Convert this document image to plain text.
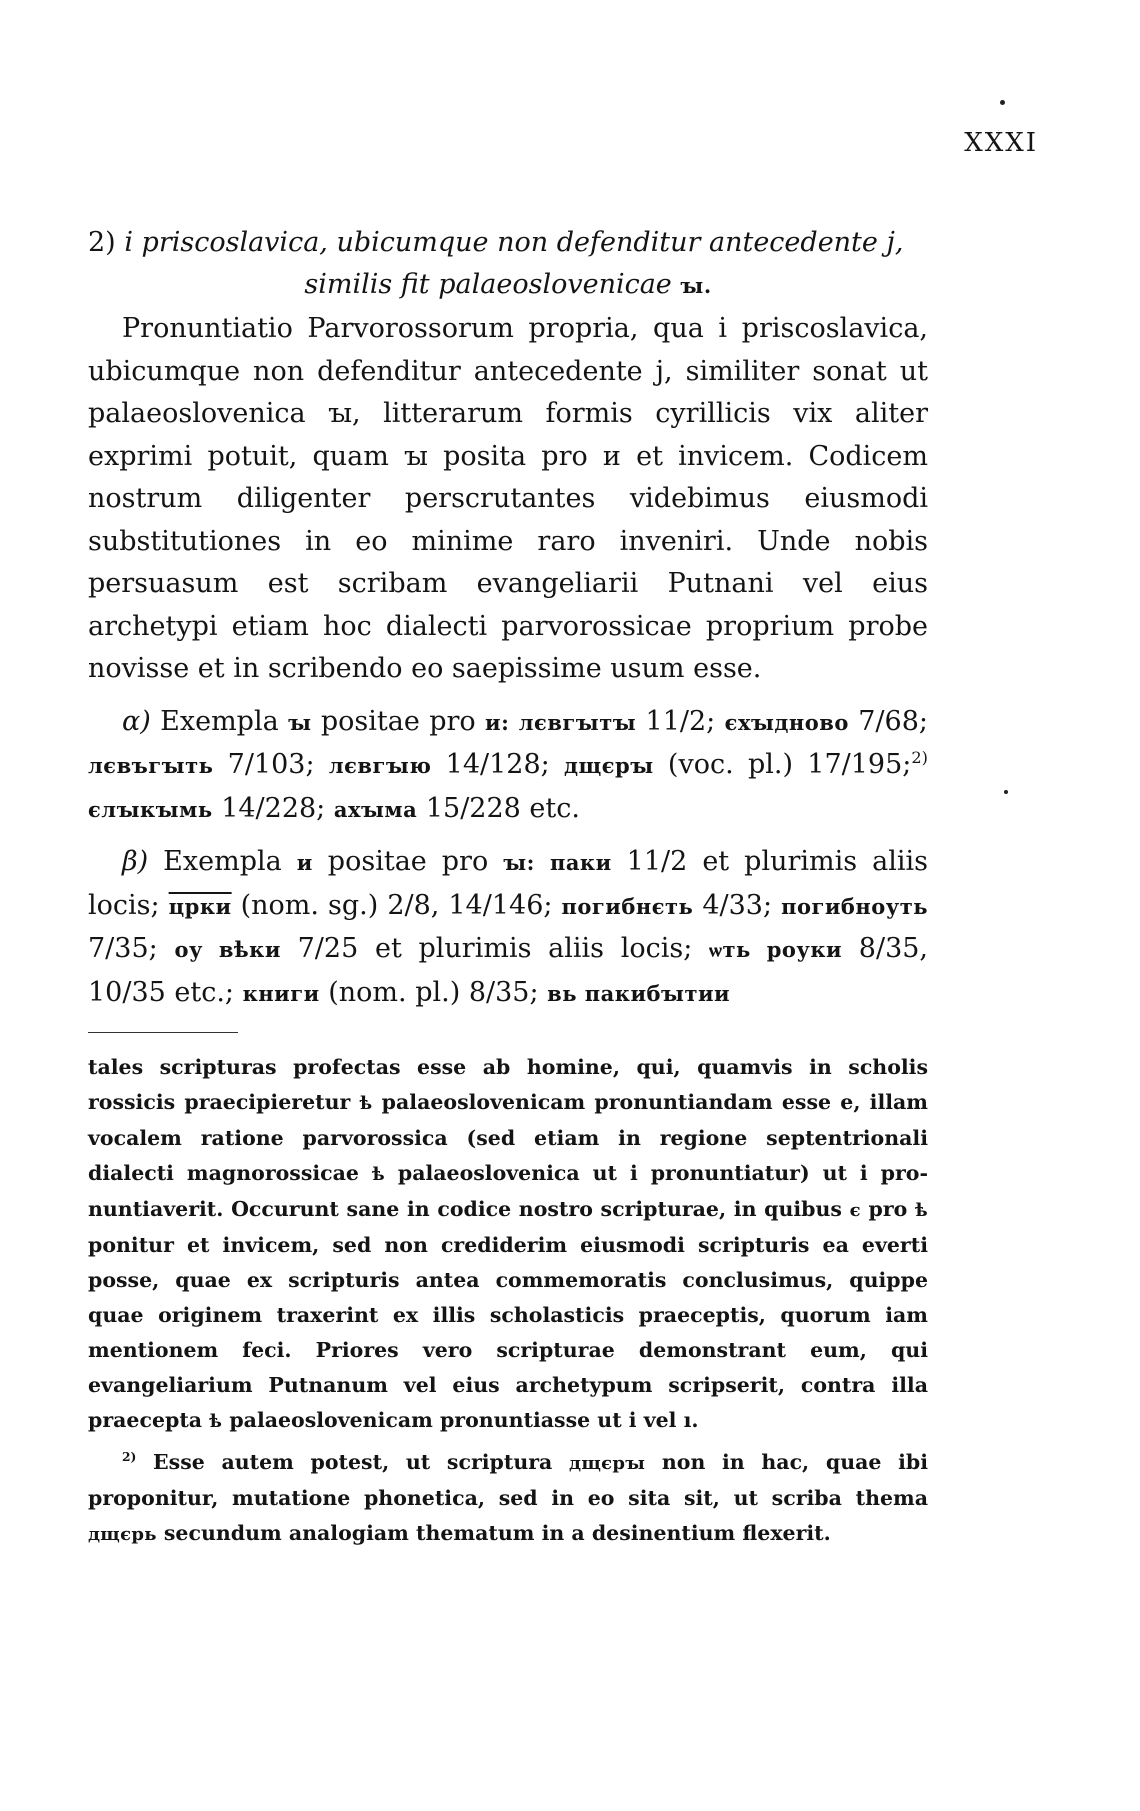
XXXI
2) i priscoslavica, ubicumque non defenditur antecedente j,
similis fit palaeoslovenicae ꙑ.

Pronuntiatio Parvorossorum propria, qua i priscoslavica, ubicumque non defenditur antecedente j, similiter sonat ut palaeoslovenica ꙑ, litterarum formis cyrillicis vix aliter exprimi potuit, quam ꙑ posita pro и et invicem. Codicem nostrum diligenter perscrutantes videbimus eiusmodi substitutiones in eo minime raro inveniri. Unde nobis persuasum est scribam evangeliarii Putnani vel eius archetypi etiam hoc dialecti parvorossicae proprium probe novisse et in scribendo eo saepissime usum esse.

α) Exempla ꙑ positae pro и: лєвгꙑтꙑ 11/2; єхꙑдново 7/68; лєвъгꙑть 7/103; лєвгꙑю 14/128; дщєрꙑ (voc. pl.) 17/195;$^{2)}$ єлꙑкꙑмь 14/228; ахꙑма 15/228 etc.

β) Exempla и positae pro ꙑ: паки 11/2 et plurimis aliis locis; црки (nom. sg.) 2/8, 14/146; погибнєть 4/33; погибноуть 7/35; оу вѣки 7/25 et plurimis aliis locis; ѡть роуки 8/35, 10/35 etc.; книги (nom. pl.) 8/35; вь пакибꙑтии

tales scripturas profectas esse ab homine, qui, quamvis in scholis rossicis praecipieretur ѣ palaeoslovenicam pronuntiandam esse e, illam vocalem ratione parvorossica (sed etiam in regione septentrionali dialecti magnorossicae ѣ palaeoslovenica ut i pronuntiatur) ut i pronuntiaverit. Occurunt sane in codice nostro scripturae, in quibus є pro ѣ ponitur et invicem, sed non crediderim eiusmodi scripturis ea everti posse, quae ex scripturis antea commemoratis conclusimus, quippe quae originem traxerint ex illis scholasticis praeceptis, quorum iam mentionem feci. Priores vero scripturae demonstrant eum, qui evangeliarium Putnanum vel eius archetypum scripserit, contra illa praecepta ѣ palaeoslovenicam pronuntiasse ut i vel ı.

$^{2)}$ Esse autem potest, ut scriptura дщєрꙑ non in hac, quae ibi proponitur, mutatione phonetica, sed in eo sita sit, ut scriba thema дщєрь secundum analogiam thematum in a desinentium flexerit.
